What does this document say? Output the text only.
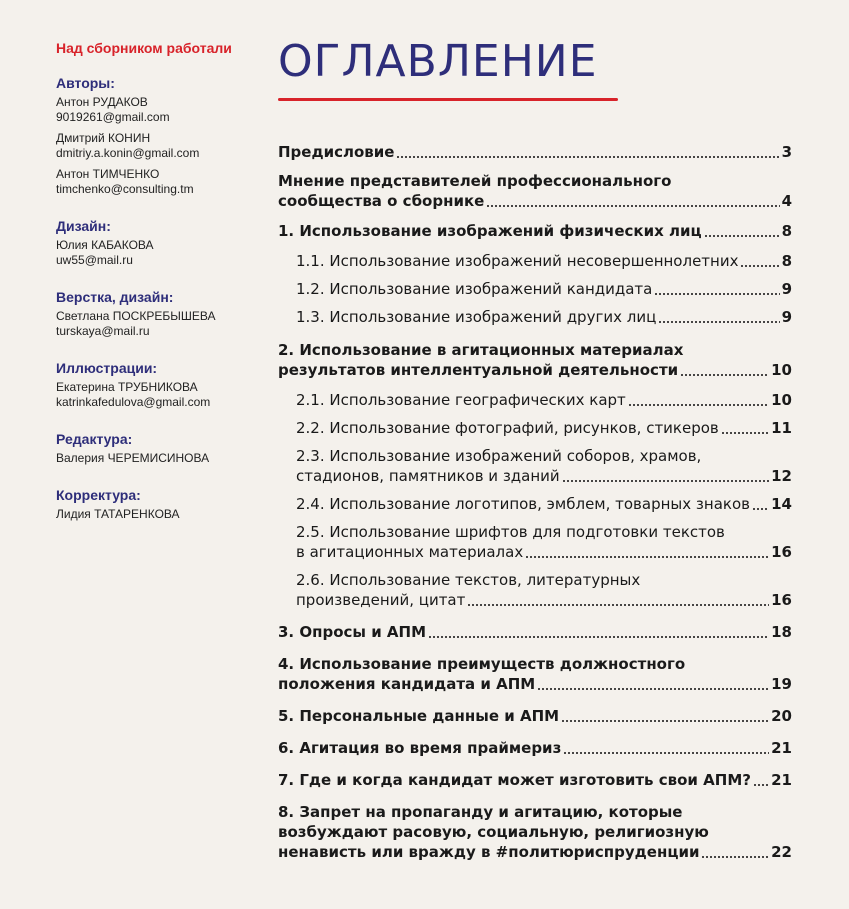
Над сборником работали
Авторы:
Антон РУДАКОВ
9019261@gmail.com
Дмитрий КОНИН
dmitriy.a.konin@gmail.com
Антон ТИМЧЕНКО
timchenko@consulting.tm
Дизайн:
Юлия КАБАКОВА
uw55@mail.ru
Верстка, дизайн:
Светлана ПОСКРЕБЫШЕВА
turskaya@mail.ru
Иллюстрации:
Екатерина ТРУБНИКОВА
katrinkafedulova@gmail.com
Редактура:
Валерия ЧЕРЕМИСИНОВА
Корректура:
Лидия ТАТАРЕНКОВА
ОГЛАВЛЕНИЕ
Предисловие	3
Мнение представителей профессионального
сообщества о сборнике	4
1. Использование изображений физических лиц	8
1.1. Использование изображений несовершеннолетних	8
1.2. Использование изображений кандидата	9
1.3. Использование изображений других лиц	9
2. Использование в агитационных материалах
результатов интеллентуальной деятельности	10
2.1. Использование географических карт	10
2.2. Использование фотографий, рисунков, стикеров	11
2.3. Использование изображений соборов, храмов,
стадионов, памятников и зданий	12
2.4. Использование логотипов, эмблем, товарных знаков 14
2.5. Использование шрифтов для подготовки текстов
в агитационных материалах	16
2.6. Использование текстов, литературных
произведений, цитат	16
3. Опросы и АПМ	18
4. Использование преимуществ должностного
положения кандидата и АПМ	19
5. Персональные данные и АПМ	20
6. Агитация во время праймериз	21
7. Где и когда кандидат может изготовить свои АПМ? 21
8. Запрет на пропаганду и агитацию, которые
возбуждают расовую, социальную, религиозную
ненависть или вражду в #политюриспруденции	22
